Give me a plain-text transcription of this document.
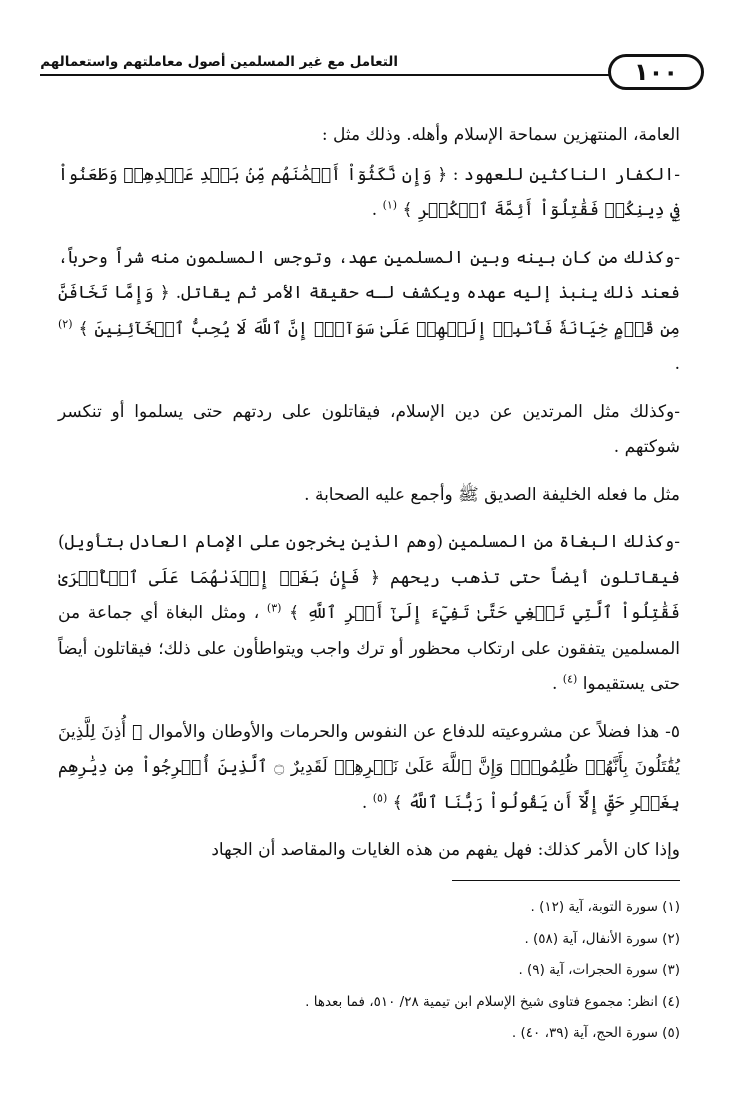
التعامل مع غير المسلمين أصول معاملتهم واستعمالهم	١٠٠

العامة، المنتهزين سماحة الإسلام وأهله. وذلك مثل :

-الكفار الناكثين للعهود : ﴿ وَإِن نَّكَثُوٓاْ أَيۡمَٰنَهُم مِّنۢ بَعۡدِ عَهۡدِهِمۡ وَطَعَنُواْ فِي دِينِكُمۡ فَقَٰتِلُوٓاْ أَئِمَّةَ ٱلۡكُفۡرِ ﴾ $^{(١)}$ .

-وكذلك من كان بينه وبين المسلمين عهد، وتوجس المسلمون منه شراً وحرباً، فعند ذلك ينبذ إليه عهده ويكشف لـه حقيقة الأمر ثم يقاتل. ﴿ وَإِمَّا تَخَافَنَّ مِن قَوۡمٍ خِيَانَةٗ فَٱنۢبِذۡ إِلَيۡهِمۡ عَلَىٰ سَوَآءٍۚ إِنَّ ٱللَّهَ لَا يُحِبُّ ٱلۡخَآئِنِينَ ﴾ $^{(٢)}$ .

-وكذلك مثل المرتدين عن دين الإسلام، فيقاتلون على ردتهم حتى يسلموا أو تنكسر شوكتهم .

مثل ما فعله الخليفة الصديق ﷺ وأجمع عليه الصحابة .

-وكذلك البغاة من المسلمين (وهم الذين يخرجون على الإمام العادل بتأويل) فيقاتلون أيضاً حتى تذهب ريحهم ﴿ فَإِنۢ بَغَتۡ إِحۡدَىٰهُمَا عَلَى ٱلۡأُخۡرَىٰ فَقَٰتِلُواْ ٱلَّتِي تَبۡغِي حَتَّىٰ تَفِيٓءَ إِلَىٰٓ أَمۡرِ ٱللَّهِ ﴾ $^{(٣)}$ ، ومثل البغاة أي جماعة من المسلمين يتفقون على ارتكاب محظور أو ترك واجب ويتواطأون على ذلك؛ فيقاتلون أيضاً حتى يستقيموا $^{(٤)}$ .

٥- هذا فضلاً عن مشروعيته للدفاع عن النفوس والحرمات والأوطان والأموال ﴿ أُذِنَ لِلَّذِينَ يُقَٰتَلُونَ بِأَنَّهُمۡ ظُلِمُواْۚ وَإِنَّ ٱللَّهَ عَلَىٰ نَصۡرِهِمۡ لَقَدِيرٌ ۝ ٱلَّذِينَ أُخۡرِجُواْ مِن دِيَٰرِهِم بِغَيۡرِ حَقٍّ إِلَّآ أَن يَقُولُواْ رَبُّنَا ٱللَّهُ ﴾ $^{(٥)}$ .

وإذا كان الأمر كذلك: فهل يفهم من هذه الغايات والمقاصد أن الجهاد

(١) سورة التوبة، آية (١٢) .
(٢) سورة الأنفال، آية (٥٨) .
(٣) سورة الحجرات، آية (٩) .
(٤) انظر: مجموع فتاوى شيخ الإسلام ابن تيمية ٢٨/ ٥١٠، فما بعدها .
(٥) سورة الحج، آية (٣٩، ٤٠) .
